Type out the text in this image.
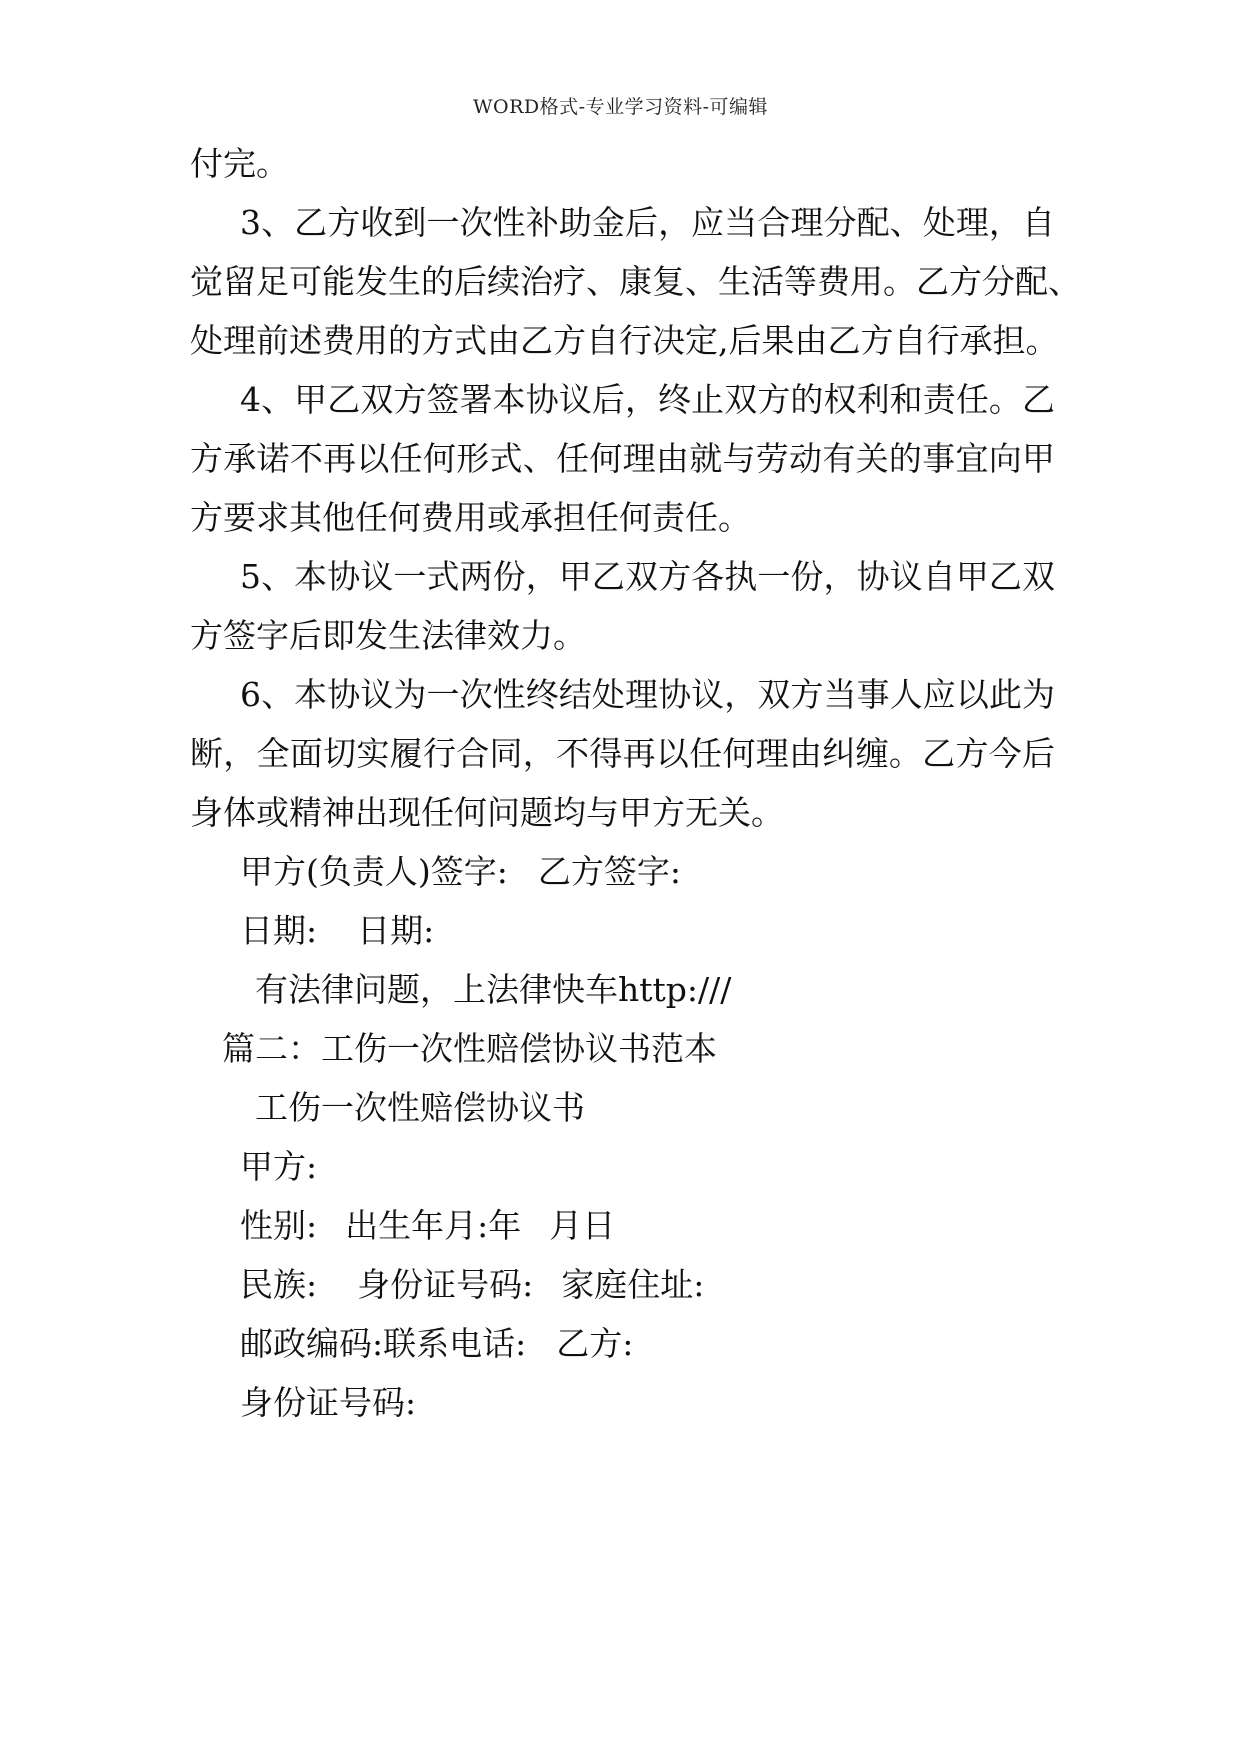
WORD格式-专业学习资料-可编辑
付完。
3、乙方收到一次性补助金后，应当合理分配、处理，自
觉留足可能发生的后续治疗、康复、生活等费用。乙方分配、
处理前述费用的方式由乙方自行决定,后果由乙方自行承担。
4、甲乙双方签署本协议后，终止双方的权利和责任。乙
方承诺不再以任何形式、任何理由就与劳动有关的事宜向甲
方要求其他任何费用或承担任何责任。
5、本协议一式两份，甲乙双方各执一份，协议自甲乙双
方签字后即发生法律效力。
6、本协议为一次性终结处理协议，双方当事人应以此为
断，全面切实履行合同，不得再以任何理由纠缠。乙方今后
身体或精神出现任何问题均与甲方无关。
甲方(负责人)签字: 乙方签字:
日期: 日期:
有法律问题，上法律快车http:///
篇二：工伤一次性赔偿协议书范本
工伤一次性赔偿协议书
甲方:
性别: 出生年月:年 月日
民族: 身份证号码: 家庭住址:
邮政编码:联系电话: 乙方:
身份证号码:
